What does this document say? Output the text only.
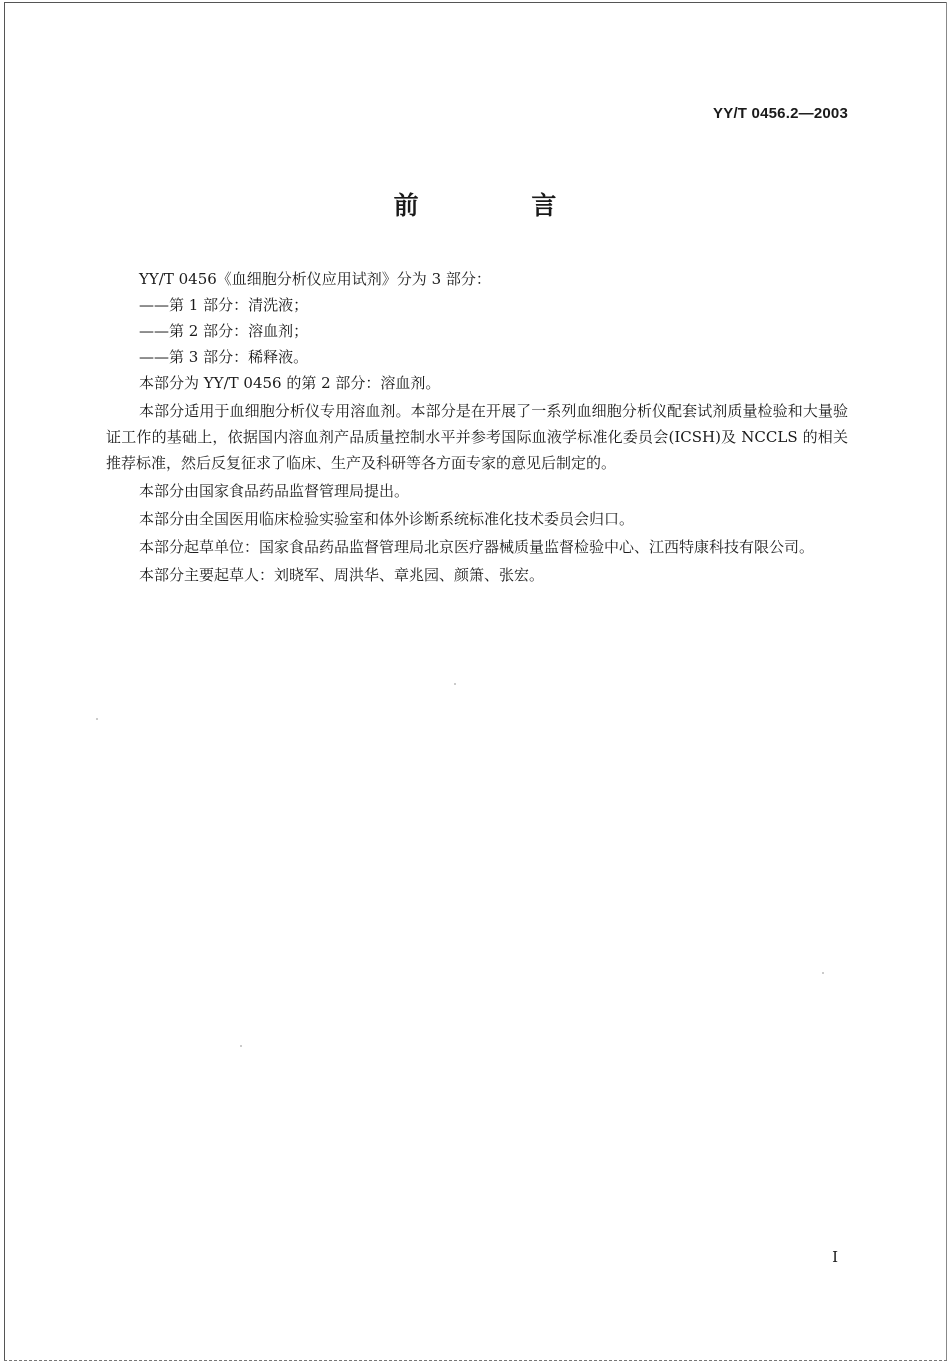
YY/T 0456.2—2003
前 言

YY/T 0456《血细胞分析仪应用试剂》分为 3 部分：

——第 1 部分：清洗液；

——第 2 部分：溶血剂；

——第 3 部分：稀释液。

本部分为 YY/T 0456 的第 2 部分：溶血剂。

本部分适用于血细胞分析仪专用溶血剂。本部分是在开展了一系列血细胞分析仪配套试剂质量检验和大量验证工作的基础上，依据国内溶血剂产品质量控制水平并参考国际血液学标准化委员会(ICSH)及 NCCLS 的相关推荐标准，然后反复征求了临床、生产及科研等各方面专家的意见后制定的。

本部分由国家食品药品监督管理局提出。

本部分由全国医用临床检验实验室和体外诊断系统标准化技术委员会归口。

本部分起草单位：国家食品药品监督管理局北京医疗器械质量监督检验中心、江西特康科技有限公司。

本部分主要起草人：刘晓军、周洪华、章兆园、颜箫、张宏。

I
